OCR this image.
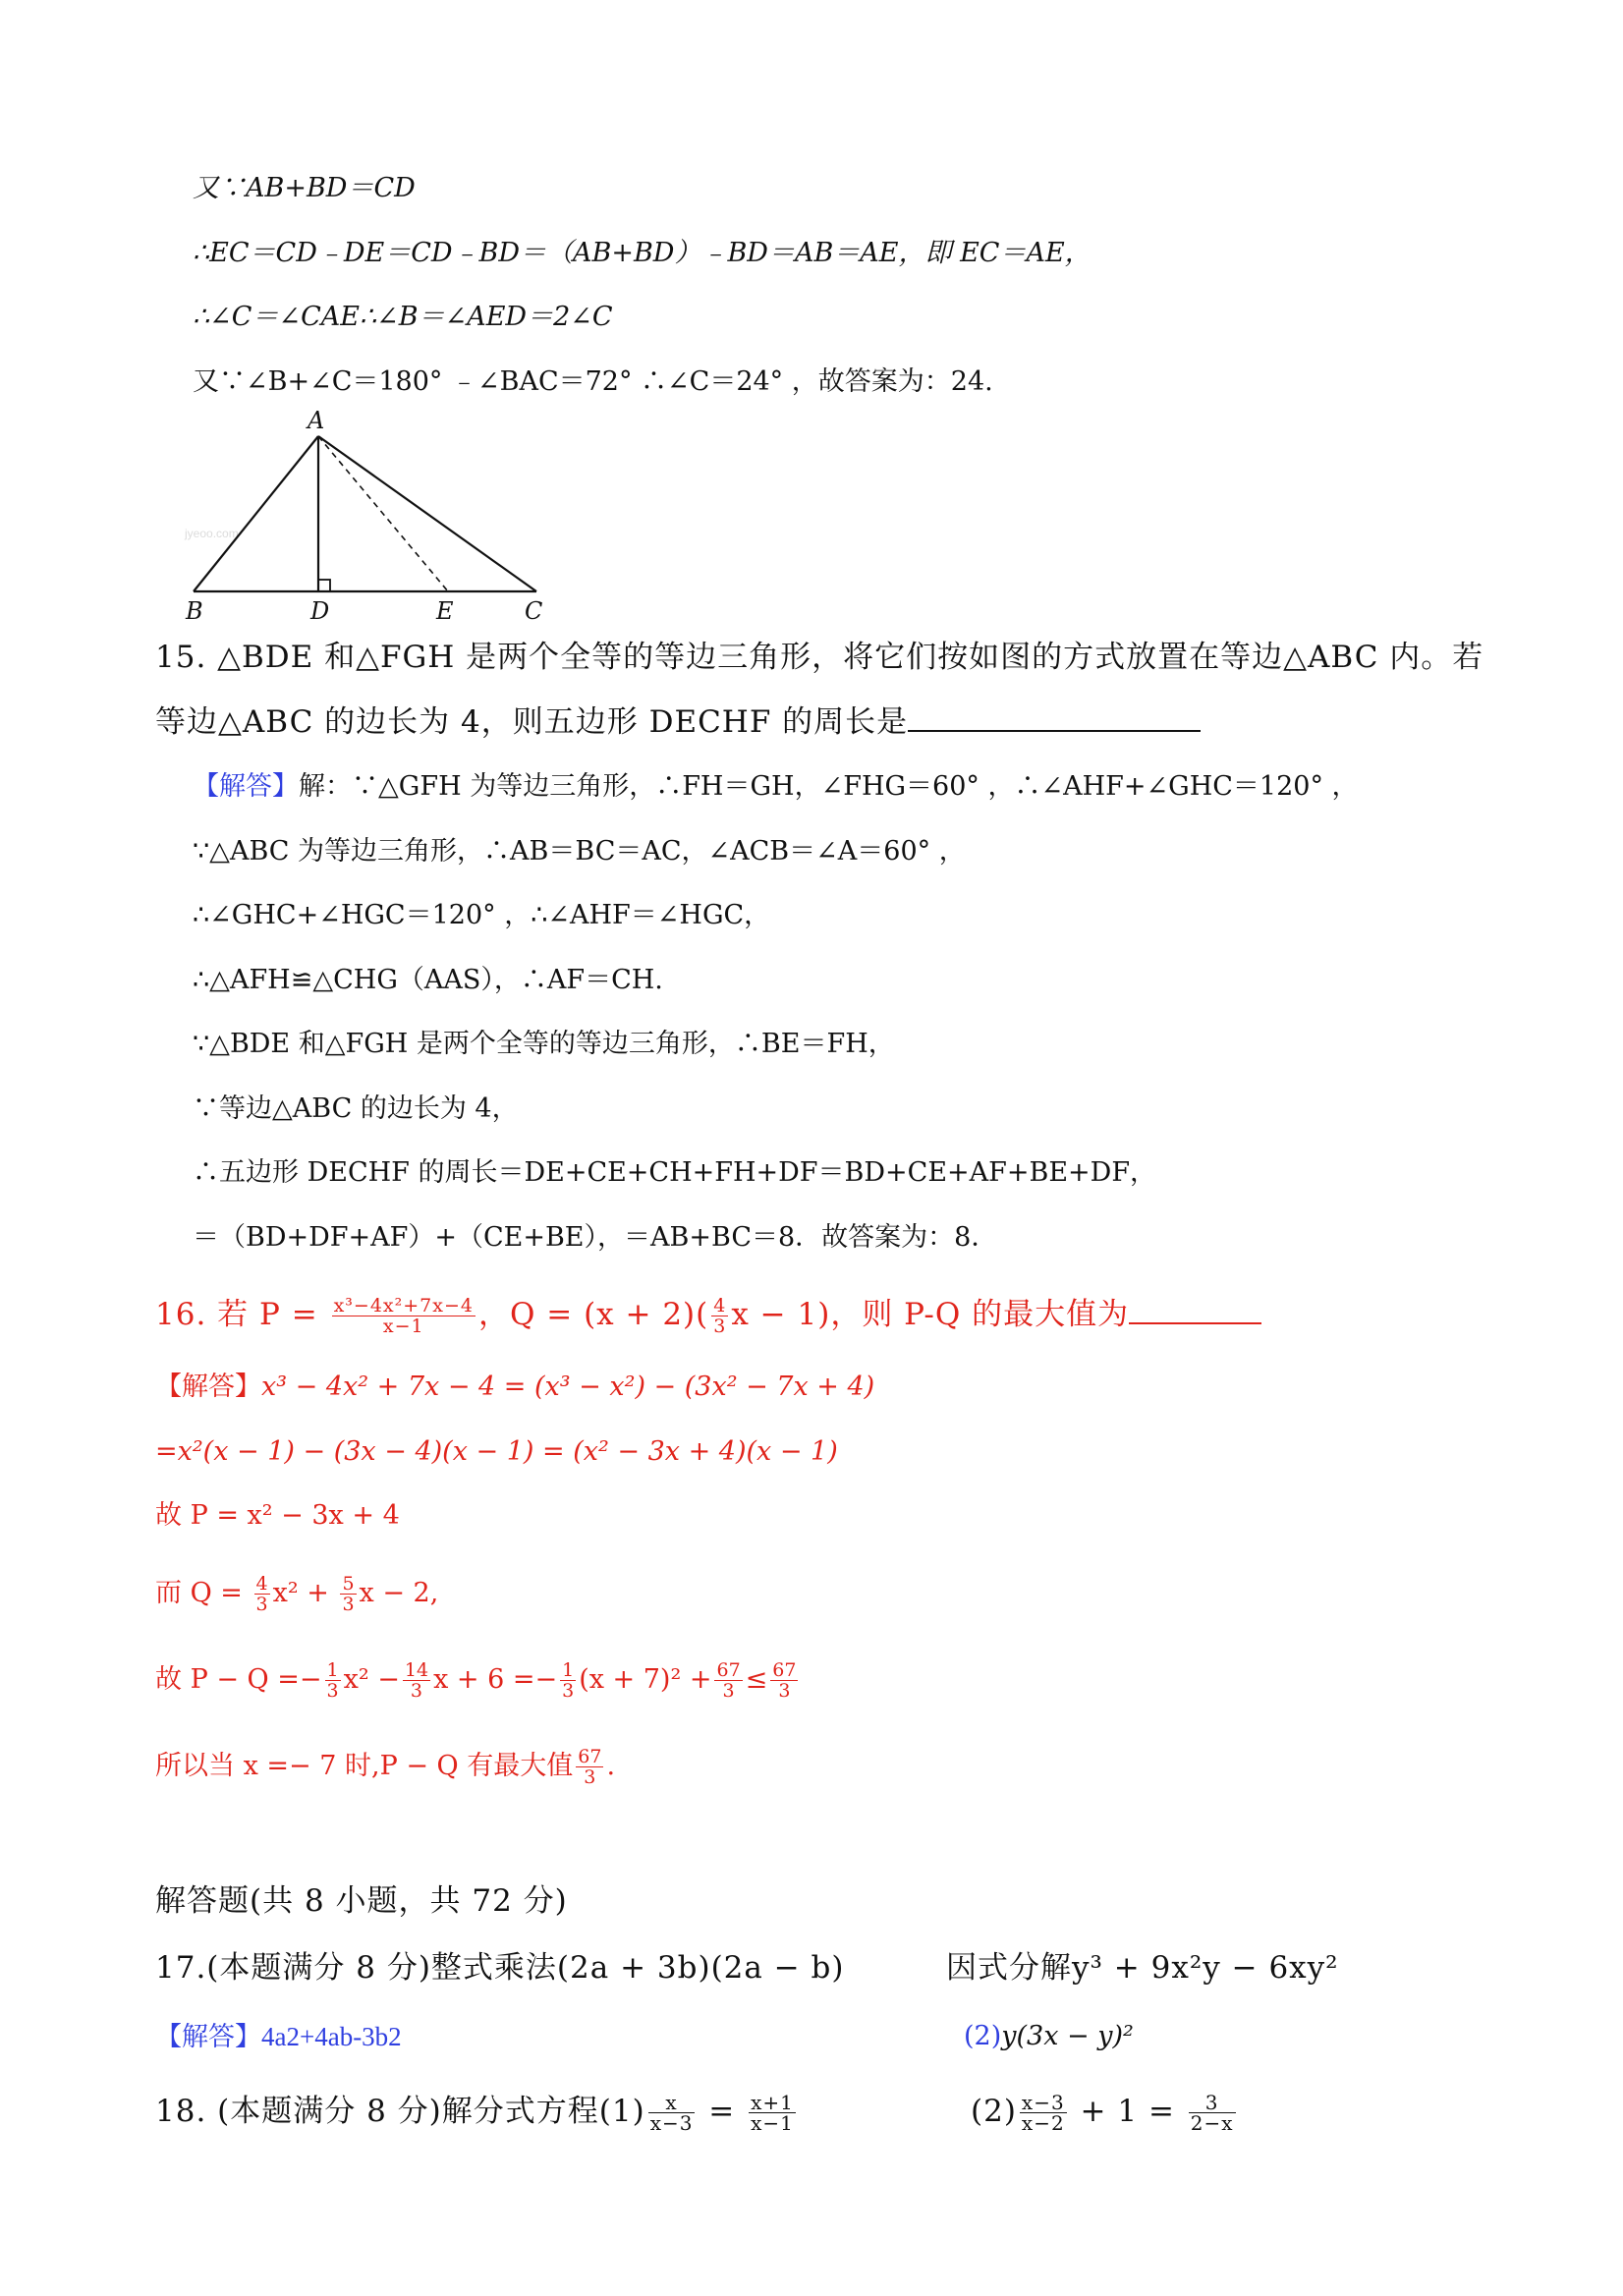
又∵AB+BD＝CD
∴EC＝CD﹣DE＝CD﹣BD＝（AB+BD）﹣BD＝AB＝AE，即 EC＝AE，
∴∠C＝∠CAE∴∠B＝∠AED＝2∠C
又∵∠B+∠C＝180° ﹣∠BAC＝72° ∴∠C＝24° ，故答案为：24.
jyeoo.com
A
B	D	E	C
15. △BDE 和△FGH 是两个全等的等边三角形，将它们按如图的方式放置在等边△ABC 内。若
等边△ABC 的边长为 4，则五边形 DECHF 的周长是
【解答】解：∵△GFH 为等边三角形，∴FH＝GH，∠FHG＝60° ，∴∠AHF+∠GHC＝120° ，
∵△ABC 为等边三角形，∴AB＝BC＝AC，∠ACB＝∠A＝60° ，
∴∠GHC+∠HGC＝120° ，∴∠AHF＝∠HGC，
∴△AFH≌△CHG（AAS），∴AF＝CH.
∵△BDE 和△FGH 是两个全等的等边三角形，∴BE＝FH，
∵等边△ABC 的边长为 4，
∴五边形 DECHF 的周长＝DE+CE+CH+FH+DF＝BD+CE+AF+BE+DF，
＝（BD+DF+AF）+（CE+BE），＝AB+BC＝8．故答案为：8．
16. 若 $P = \frac{\text{x³−4x²+7x−4}}{x-1}$ ，$Q = (x + 2)( \frac{4}{3}$ x − 1)，则 P-Q 的最大值为
【解答】x³ − 4x² + 7x − 4 = (x³ − x²) − (3x² − 7x + 4)
=x²(x − 1) − (3x − 4)(x − 1) = (x² − 3x + 4)(x − 1)
故 P = x² − 3x + 4
而 $Q = \frac{4}{3} x^2 + \frac{5}{3}$ x − 2,
故 $P - Q =- \frac{1}{3} x^2 - \frac{14}{3}$ $x + 6 =- \frac{1}{3} (x + 7)^2 + \frac{67}{3} \le \frac{67}{3}$
所以当 x =− 7 时,P − Q 有最大值 $\frac{67}{3}$ .
解答题(共 8 小题，共 72 分)
17.(本题满分 8 分)整式乘法(2a + 3b)(2a − b)	因式分解y³ + 9x²y − 6xy²
【解答】4a2+4ab-3b2	(2)y(3x − y)²
18. (本题满分 8 分)解分式方程$(1) \frac{x}{x-3} = \frac{x+1}{x-1}$	$(2) \frac{x-3}{x-2} + 1 = \frac{3}{2-x}$
